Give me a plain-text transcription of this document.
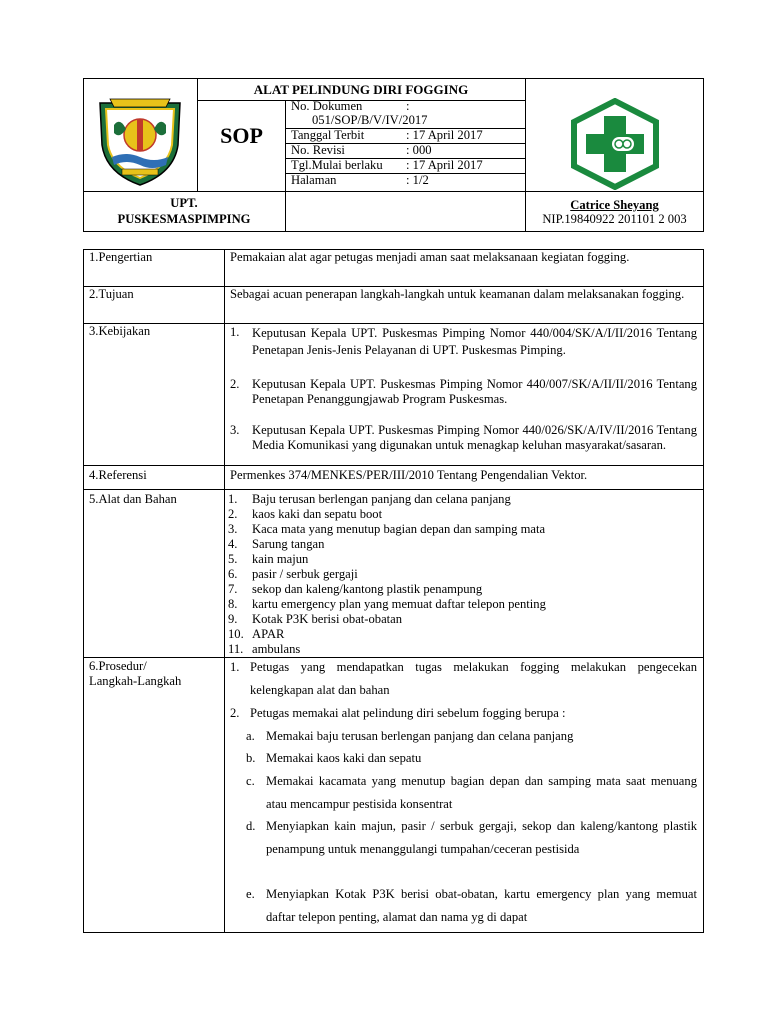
ALAT PELINDUNG DIRI FOGGING
SOP
No. Dokumen	:
051/SOP/B/V/IV/2017
Tanggal Terbit	: 17 April 2017
No. Revisi	: 000
Tgl.Mulai berlaku : 17 April 2017
Halaman	: 1/2
UPT.
PUSKESMASPIMPING
Catrice Sheyang
NIP.19840922 201101 2 003
1.Pengertian	Pemakaian alat agar petugas menjadi aman saat melaksanaan kegiatan fogging.
2.Tujuan	Sebagai acuan penerapan langkah-langkah untuk keamanan dalam melaksanakan fogging.
3.Kebijakan	1. Keputusan Kepala UPT. Puskesmas Pimping Nomor 440/004/SK/A/I/II/2016 Tentang Penetapan Jenis-Jenis Pelayanan di UPT. Puskesmas Pimping.
2. Keputusan Kepala UPT. Puskesmas Pimping Nomor 440/007/SK/A/II/II/2016 Tentang Penetapan Penanggungjawab Program Puskesmas.
3. Keputusan Kepala UPT. Puskesmas Pimping Nomor 440/026/SK/A/IV/II/2016 Tentang Media Komunikasi yang digunakan untuk menagkap keluhan masyarakat/sasaran.
4.Referensi	Permenkes 374/MENKES/PER/III/2010 Tentang Pengendalian Vektor.
5.Alat dan Bahan	1. Baju terusan berlengan panjang dan celana panjang
2. kaos kaki dan sepatu boot
3. Kaca mata yang menutup bagian depan dan samping mata
4. Sarung tangan
5. kain majun
6. pasir / serbuk gergaji
7. sekop dan kaleng/kantong plastik penampung
8. kartu emergency plan yang memuat daftar telepon penting
9. Kotak P3K berisi obat-obatan
10. APAR
11. ambulans
6.Prosedur/
Langkah-Langkah
1. Petugas yang mendapatkan tugas melakukan fogging melakukan pengecekan kelengkapan alat dan bahan
2. Petugas memakai alat pelindung diri sebelum fogging berupa :
a. Memakai baju terusan berlengan panjang dan celana panjang
b. Memakai kaos kaki dan sepatu
c. Memakai kacamata yang menutup bagian depan dan samping mata saat menuang atau mencampur pestisida konsentrat
d. Menyiapkan kain majun, pasir / serbuk gergaji, sekop dan kaleng/kantong plastik penampung untuk menanggulangi tumpahan/ceceran pestisida
e. Menyiapkan Kotak P3K berisi obat-obatan, kartu emergency plan yang memuat daftar telepon penting, alamat dan nama yg di dapat
